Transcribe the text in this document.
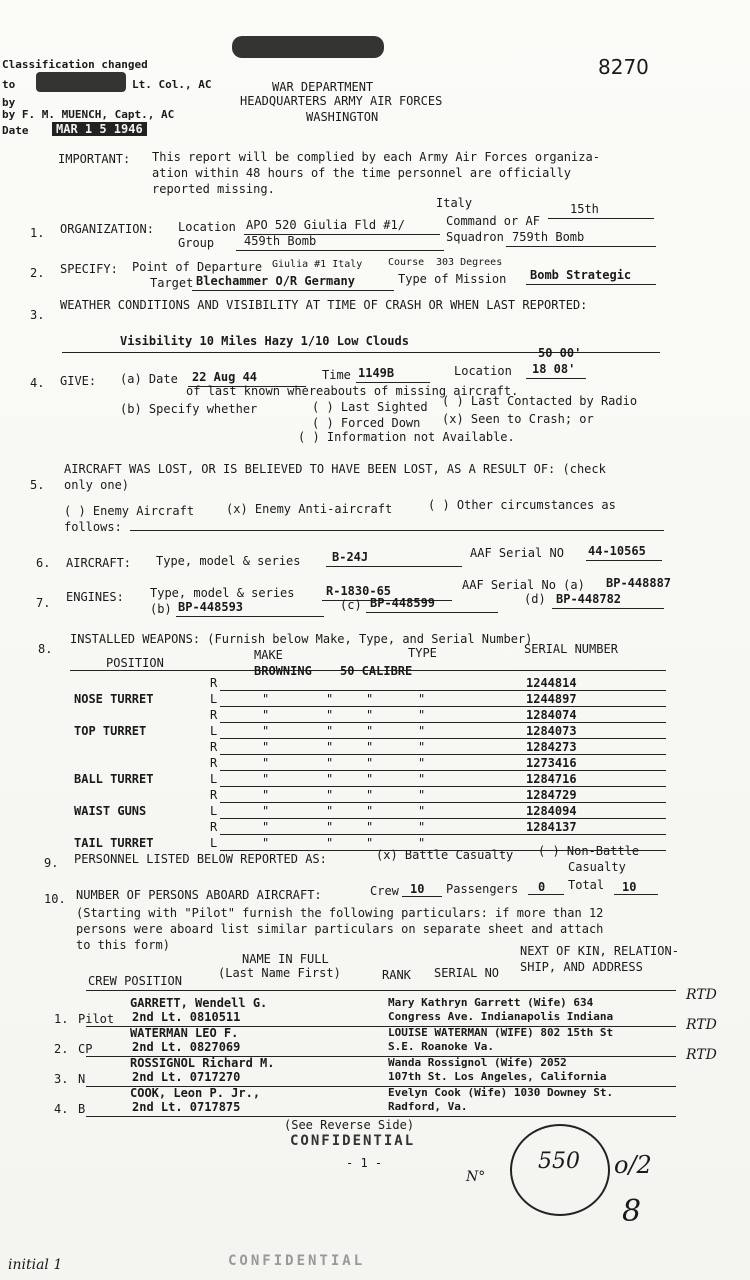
Classification changed
to	Lt. Col., AC
by
by F. M. MUENCH, Capt., AC
Date	MAR 1 5 1946
8270
WAR DEPARTMENT
HEADQUARTERS ARMY AIR FORCES
WASHINGTON
IMPORTANT: This report will be complied by each Army Air Forces organiza-
ation within 48 hours of the time personnel are officially
reported missing.
1. ORGANIZATION: Location APO 520 Giulia Fld #1/
Italy
Command or AF
15th
Group 459th Bomb	Squadron 759th Bomb
2. SPECIFY: Point of Departure Giulia #1 Italy	Course 303 Degrees
Target Blechammer O/R Germany	Type of Mission Bomb Strategic
3.
WEATHER CONDITIONS AND VISIBILITY AT TIME OF CRASH OR WHEN LAST REPORTED:
Visibility 10 Miles Hazy 1/10 Low Clouds
4. GIVE: (a) Date 22 Aug 44	Time 1149B	Location
50 00'
18 08'
of last known whereabouts of missing aircraft.
(b) Specify whether	( ) Last Sighted ( ) Last Contacted by Radio
( ) Forced Down (x) Seen to Crash; or
( ) Information not Available.
5.
AIRCRAFT WAS LOST, OR IS BELIEVED TO HAVE BEEN LOST, AS A RESULT OF: (check
only one)
( ) Enemy Aircraft	(x) Enemy Anti-aircraft	( ) Other circumstances as
follows:
6. AIRCRAFT: Type, model & series	B-24J	AAF Serial NO 44-10565
7. ENGINES: Type, model & series	R-1830-65	AAF Serial No (a) BP-448887
(b) BP-448593	(c) BP-448599	(d) BP-448782
8.
INSTALLED WEAPONS: (Furnish below Make, Type, and Serial Number)
POSITION
MAKE	TYPE	SERIAL NUMBER
BROWNING 50 CALIBRE
R	1244814
NOSE TURRET	L	"	"	"	"	1244897
R	"	"	"	"	1284074
TOP TURRET	L	"	"	"	"	1284073
R	"	"	"	"	1284273
R	"	"	"	"	1273416
BALL TURRET	L	"	"	"	"	1284716
R	"	"	"	"	1284729
WAIST GUNS	L	"	"	"	"	1284094
R	"	"	"	"	1284137
TAIL TURRET	L	"	"	"	"
9. PERSONNEL LISTED BELOW REPORTED AS:	(x) Battle Casualty ( ) Non-Battle
Casualty
10. NUMBER OF PERSONS ABOARD AIRCRAFT:	Crew 10 Passengers 0 Total 10
(Starting with "Pilot" furnish the following particulars: if more than 12
persons were aboard list similar particulars on separate sheet and attach
to this form)
NAME IN FULL
(Last Name First)
CREW POSITION	RANK SERIAL NO
NEXT OF KIN, RELATION-
SHIP, AND ADDRESS
1. Pilot
GARRETT, Wendell G.
2nd Lt. 0810511
Mary Kathryn Garrett (Wife) 634
Congress Ave. Indianapolis Indiana
RTD
2. CP
WATERMAN LEO F.
2nd Lt. 0827069
LOUISE WATERMAN (WIFE) 802 15th St
S.E. Roanoke Va.
RTD
3. N
ROSSIGNOL Richard M.
2nd Lt. 0717270
Wanda Rossignol (Wife) 2052
107th St. Los Angeles, California
RTD
4. B
COOK, Leon P. Jr.,
2nd Lt. 0717875
Evelyn Cook (Wife) 1030 Downey St.
Radford, Va.
(See Reverse Side)
CONFIDENTIAL
- 1 -
N°
550 o/2
8
initial 1	CONFIDENTIAL
